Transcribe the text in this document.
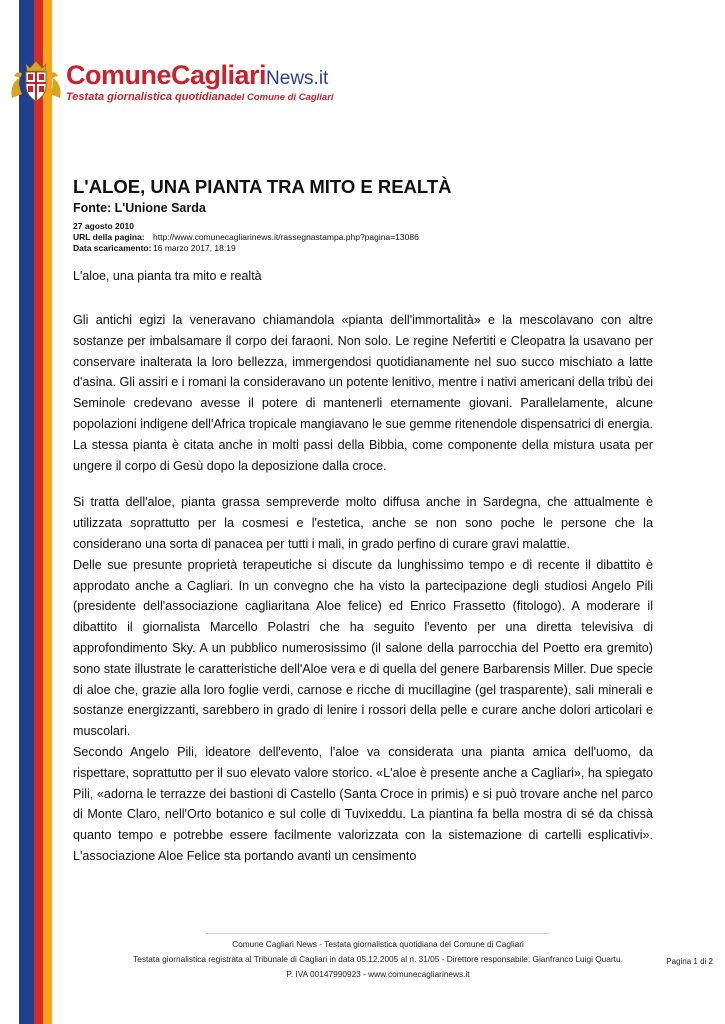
ComuneCagliariNews.it
Testata giornalistica quotidianadel Comune di Cagliari
L'ALOE, UNA PIANTA TRA MITO E REALTÀ
Fonte: L'Unione Sarda
27 agosto 2010
URL della pagina: http://www.comunecagliarinews.it/rassegnastampa.php?pagina=13086
Data scaricamento: 16 marzo 2017, 18:19
L'aloe, una pianta tra mito e realtà

Gli antichi egizi la veneravano chiamandola «pianta dell'immortalità» e la mescolavano con altre sostanze per imbalsamare il corpo dei faraoni. Non solo. Le regine Nefertiti e Cleopatra la usavano per conservare inalterata la loro bellezza, immergendosi quotidianamente nel suo succo mischiato a latte d'asina. Gli assiri e i romani la consideravano un potente lenitivo, mentre i nativi americani della tribù dei Seminole credevano avesse il potere di mantenerli eternamente giovani. Parallelamente, alcune popolazioni indigene dell'Africa tropicale mangiavano le sue gemme ritenendole dispensatrici di energia. La stessa pianta è citata anche in molti passi della Bibbia, come componente della mistura usata per ungere il corpo di Gesù dopo la deposizione dalla croce.

Si tratta dell'aloe, pianta grassa sempreverde molto diffusa anche in Sardegna, che attualmente è utilizzata soprattutto per la cosmesi e l'estetica, anche se non sono poche le persone che la considerano una sorta di panacea per tutti i mali, in grado perfino di curare gravi malattie.

Delle sue presunte proprietà terapeutiche si discute da lunghissimo tempo e di recente il dibattito è approdato anche a Cagliari. In un convegno che ha visto la partecipazione degli studiosi Angelo Pili (presidente dell'associazione cagliaritana Aloe felice) ed Enrico Frassetto (fitologo). A moderare il dibattito il giornalista Marcello Polastri che ha seguito l'evento per una diretta televisiva di approfondimento Sky. A un pubblico numerosissimo (il salone della parrocchia del Poetto era gremito) sono state illustrate le caratteristiche dell'Aloe vera e di quella del genere Barbarensis Miller. Due specie di aloe che, grazie alla loro foglie verdi, carnose e ricche di mucillagine (gel trasparente), sali minerali e sostanze energizzanti, sarebbero in grado di lenire i rossori della pelle e curare anche dolori articolari e muscolari.

Secondo Angelo Pili, ideatore dell'evento, l'aloe va considerata una pianta amica dell'uomo, da rispettare, soprattutto per il suo elevato valore storico. «L'aloe è presente anche a Cagliari», ha spiegato Pili, «adorna le terrazze dei bastioni di Castello (Santa Croce in primis) e si può trovare anche nel parco di Monte Claro, nell'Orto botanico e sul colle di Tuvixeddu. La piantina fa bella mostra di sé da chissà quanto tempo e potrebbe essere facilmente valorizzata con la sistemazione di cartelli esplicativi». L'associazione Aloe Felice sta portando avanti un censimento

Comune Cagliari News - Testata giornalistica quotidiana del Comune di Cagliari
Testata giornalistica registrata al Tribunale di Cagliari in data 05.12.2005 al n. 31/05 - Direttore responsabile: Gianfranco Luigi Quartu.
P. IVA 00147990923 - www.comunecagliarinews.it
Pagina 1 di 2
